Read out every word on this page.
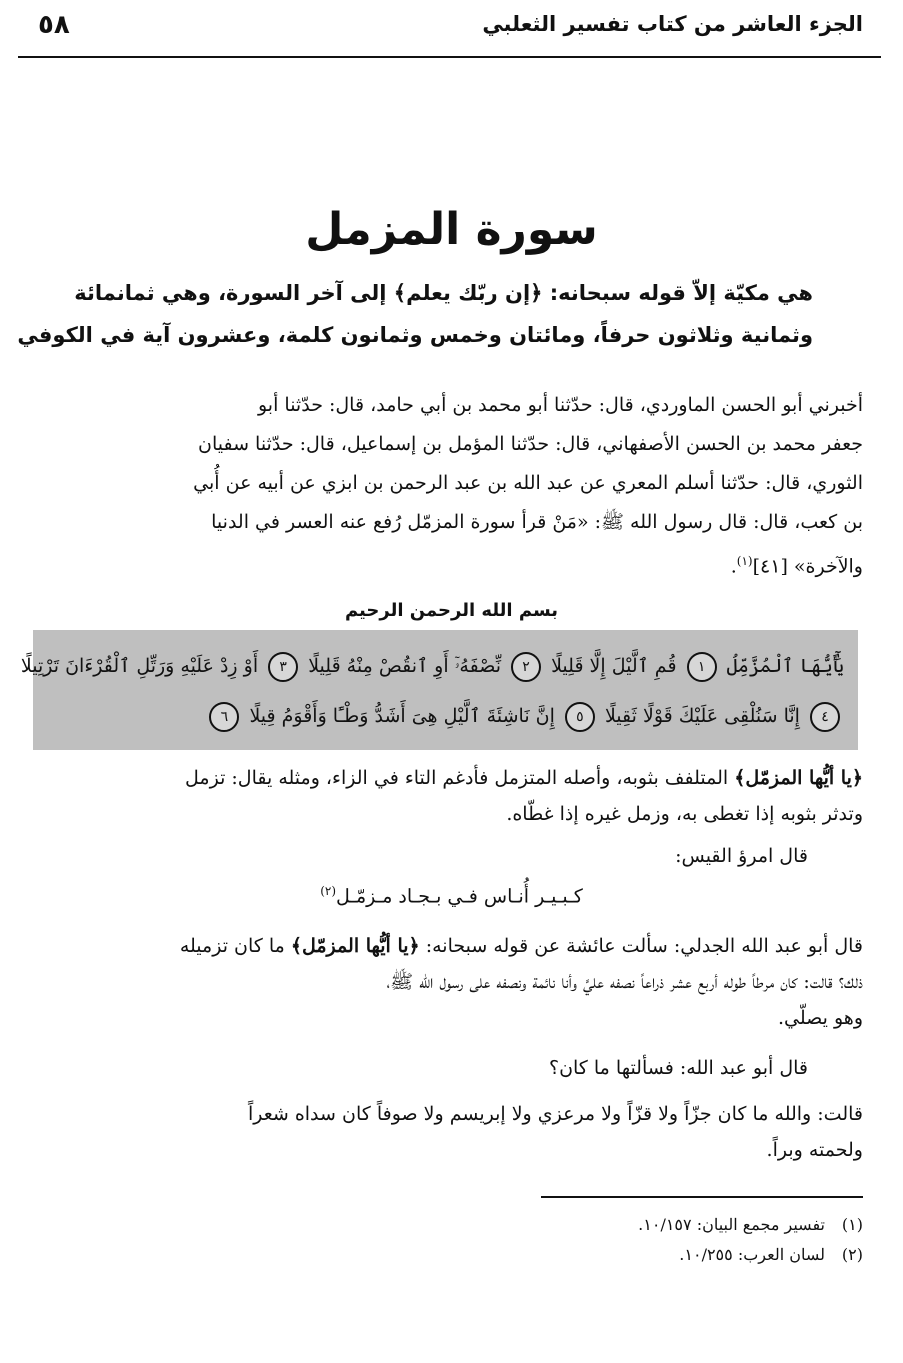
الجزء العاشر من كتاب تفسير الثعلبي
٥٨
سورة المزمل
هي مكيّة إلاّ قوله سبحانه: ﴿إن ربّك يعلم﴾ إلى آخر السورة، وهي ثمانمائة
وثمانية وثلاثون حرفاً، ومائتان وخمس وثمانون كلمة، وعشرون آية في الكوفي
أخبرني أبو الحسن الماوردي، قال: حدّثنا أبو محمد بن أبي حامد، قال: حدّثنا أبو
جعفر محمد بن الحسن الأصفهاني، قال: حدّثنا المؤمل بن إسماعيل، قال: حدّثنا سفيان
الثوري، قال: حدّثنا أسلم المعري عن عبد الله بن عبد الرحمن بن ابزي عن أبيه عن أُبي
بن كعب، قال: قال رسول الله ﷺ: «مَنْ قرأ سورة المزمّل رُفع عنه العسر في الدنيا
والآخرة» [٤١]$^{(١)}$.
بسم الله الرحمن الرحيم
يَٰٓأَيُّهَا ٱلْمُزَّمِّلُ ١ قُمِ ٱلَّيْلَ إِلَّا قَلِيلًا ٢ نِّصْفَهُۥٓ أَوِ ٱنقُصْ مِنْهُ قَلِيلًا ٣ أَوْ زِدْ عَلَيْهِ وَرَتِّلِ ٱلْقُرْءَانَ تَرْتِيلًا
٤ إِنَّا سَنُلْقِى عَلَيْكَ قَوْلًا ثَقِيلًا ٥ إِنَّ نَاشِئَةَ ٱلَّيْلِ هِىَ أَشَدُّ وَطْـًٔا وَأَقْوَمُ قِيلًا ٦
﴿يا أيُّها المزمّل﴾ المتلفف بثوبه، وأصله المتزمل فأدغم التاء في الزاء، ومثله يقال: تزمل
وتدثر بثوبه إذا تغطى به، وزمل غيره إذا غطّاه.
قال امرؤ القيس:
كـبـيـر أُنـاس فـي بـجـاد مـزمّـل$^{(٢)}$
قال أبو عبد الله الجدلي: سألت عائشة عن قوله سبحانه: ﴿يا أيُّها المزمّل﴾ ما كان تزميله
ذلك؟ قالت: كان مرطاً طوله أربع عشر ذراعاً نصفه عليَّ وأنا نائمة ونصفه على رسول الله ﷺ،
وهو يصلّي.
قال أبو عبد الله: فسألتها ما كان؟
قالت: والله ما كان جزّاً ولا قزّاً ولا مرعزي ولا إبريسم ولا صوفاً كان سداه شعراً
ولحمته وبراً.
(١)تفسير مجمع البيان: ١٠/١٥٧.
(٢)لسان العرب: ١٠/٢٥٥.
